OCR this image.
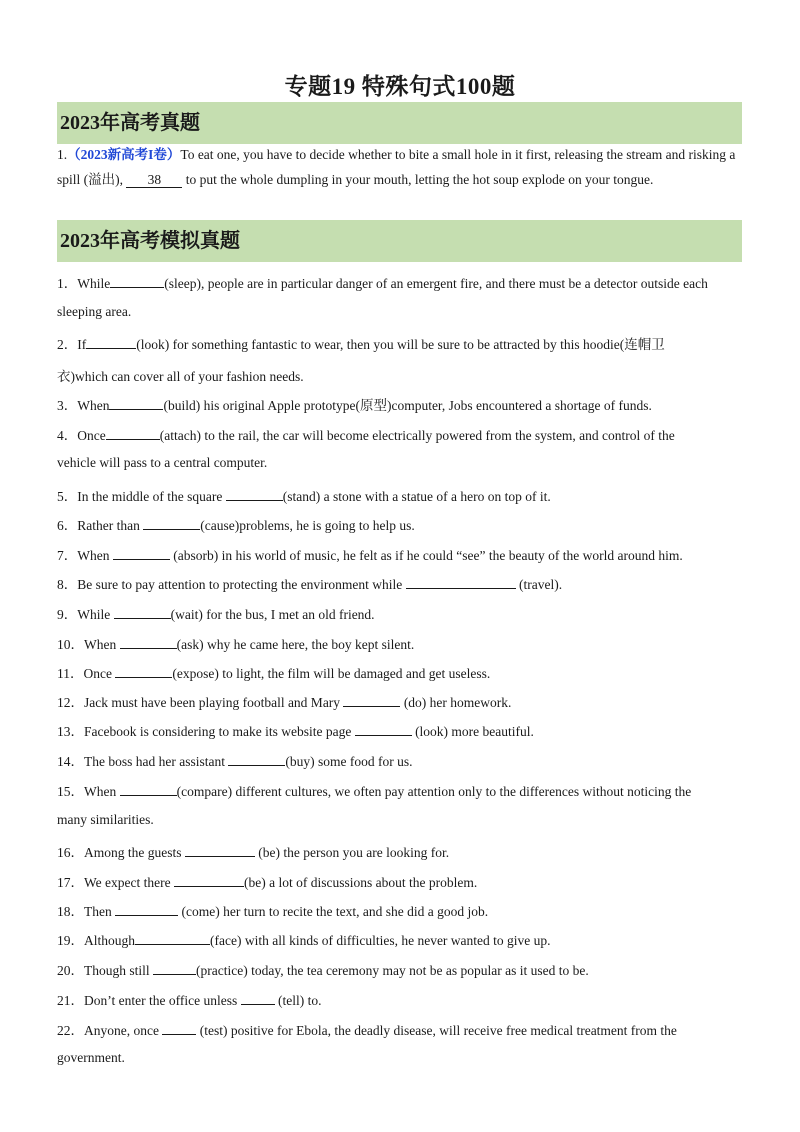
专题19 特殊句式100题
2023年高考真题
1.（2023新高考I卷）To eat one, you have to decide whether to bite a small hole in it first, releasing the stream and risking a spill (溢出), 38 to put the whole dumpling in your mouth, letting the hot soup explode on your tongue.
2023年高考模拟真题
1．While	(sleep), people are in particular danger of an emergent fire, and there must be a detector outside each
sleeping area.
2．If	(look) for something fantastic to wear, then you will be sure to be attracted by this hoodie(连帽卫
衣)which can cover all of your fashion needs.
3．When	(build) his original Apple prototype(原型)computer, Jobs encountered a shortage of funds.
4．Once	(attach) to the rail, the car will become electrically powered from the system, and control of the
vehicle will pass to a central computer.
5．In the middle of the square	(stand) a stone with a statue of a hero on top of it.
6．Rather than	(cause)problems, he is going to help us.
7．When	(absorb) in his world of music, he felt as if he could “see” the beauty of the world around him.
8．Be sure to pay attention to protecting the environment while	(travel).
9．While	(wait) for the bus, I met an old friend.
10．When	(ask) why he came here, the boy kept silent.
11．Once	(expose) to light, the film will be damaged and get useless.
12．Jack must have been playing football and Mary	(do) her homework.
13．Facebook is considering to make its website page	(look) more beautiful.
14．The boss had her assistant	(buy) some food for us.
15．When	(compare) different cultures, we often pay attention only to the differences without noticing the
many similarities.
16．Among the guests	(be) the person you are looking for.
17．We expect there	(be) a lot of discussions about the problem.
18．Then	(come) her turn to recite the text, and she did a good job.
19．Although	(face) with all kinds of difficulties, he never wanted to give up.
20．Though still	(practice) today, the tea ceremony may not be as popular as it used to be.
21．Don’t enter the office unless	(tell) to.
22．Anyone, once	(test) positive for Ebola, the deadly disease, will receive free medical treatment from the
government.
